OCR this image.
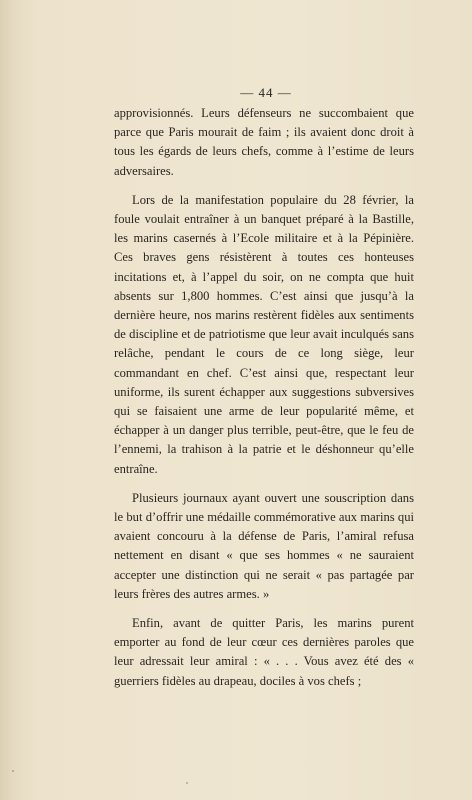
— 44 —

approvisionnés. Leurs défenseurs ne succombaient que parce que Paris mourait de faim ; ils avaient donc droit à tous les égards de leurs chefs, comme à l’estime de leurs adversaires.

Lors de la manifestation populaire du 28 février, la foule voulait entraîner à un banquet préparé à la Bastille, les marins casernés à l’Ecole militaire et à la Pépinière. Ces braves gens résistèrent à toutes ces honteuses incitations et, à l’appel du soir, on ne compta que huit absents sur 1,800 hommes. C’est ainsi que jusqu’à la dernière heure, nos marins restèrent fidèles aux sentiments de discipline et de patriotisme que leur avait inculqués sans relâche, pendant le cours de ce long siège, leur commandant en chef. C’est ainsi que, respectant leur uniforme, ils surent échapper aux suggestions subversives qui se faisaient une arme de leur popularité même, et échapper à un danger plus terrible, peut-être, que le feu de l’ennemi, la trahison à la patrie et le déshonneur qu’elle entraîne.

Plusieurs journaux ayant ouvert une souscription dans le but d’offrir une médaille commémorative aux marins qui avaient concouru à la défense de Paris, l’amiral refusa nettement en disant « que ses hommes « ne sauraient accepter une distinction qui ne serait « pas partagée par leurs frères des autres armes. »

Enfin, avant de quitter Paris, les marins purent emporter au fond de leur cœur ces dernières paroles que leur adressait leur amiral : « . . . Vous avez été des « guerriers fidèles au drapeau, dociles à vos chefs ;
